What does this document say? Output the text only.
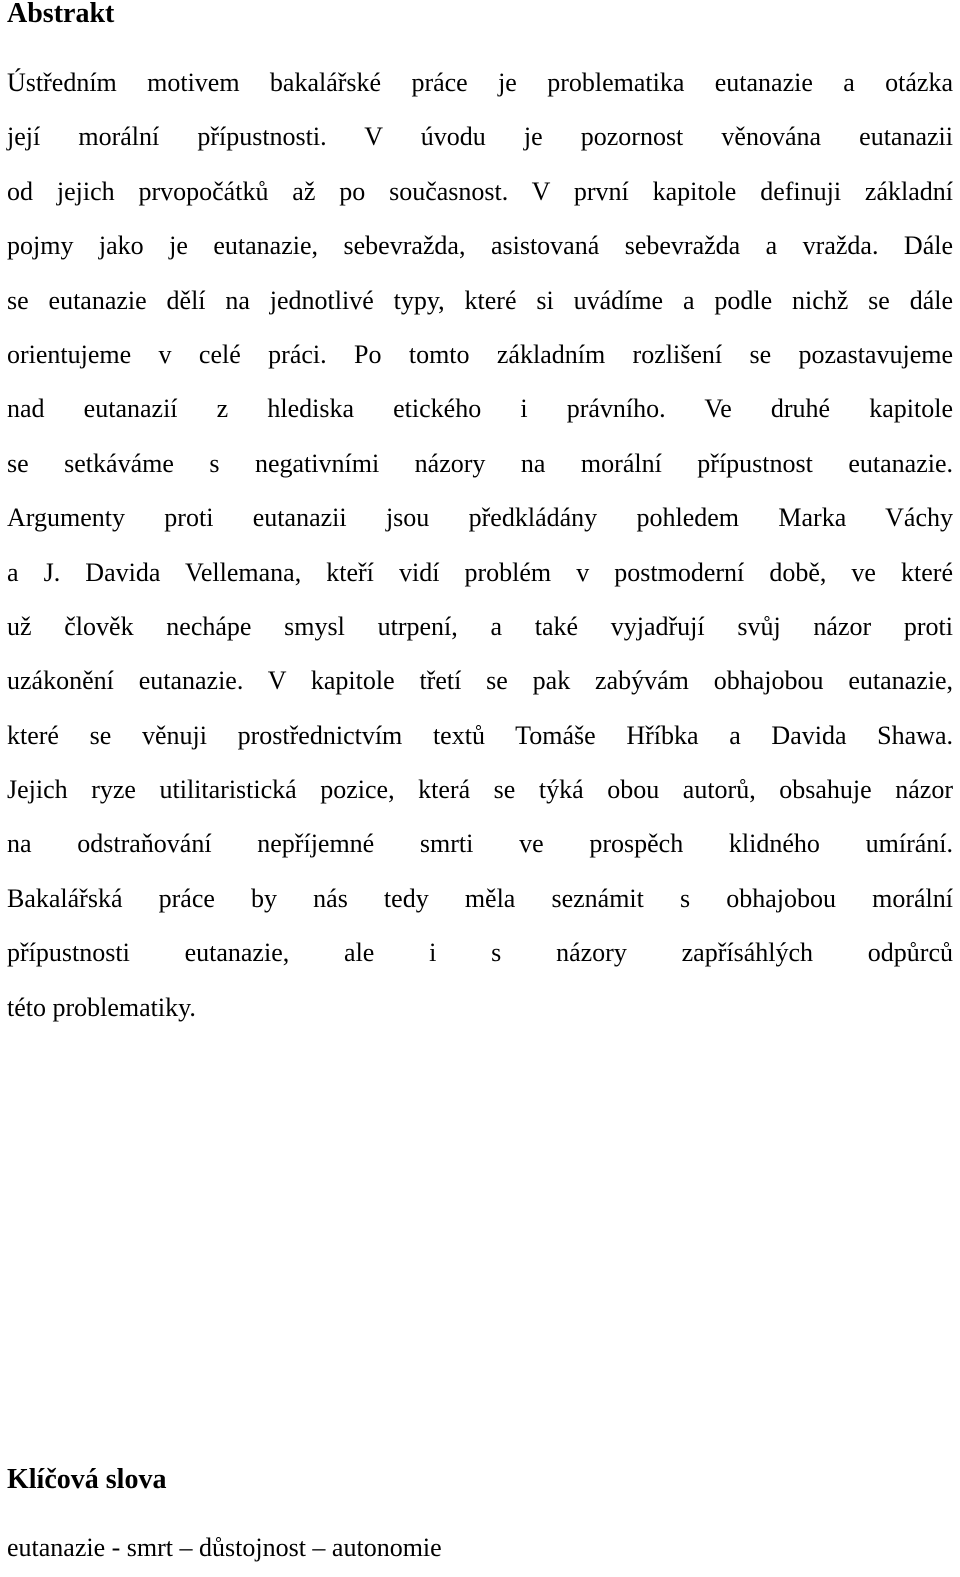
Abstrakt
Ústředním motivem bakalářské práce je problematika eutanazie a otázka
její morální přípustnosti. V úvodu je pozornost věnována eutanazii
od jejich prvopočátků až po současnost. V první kapitole definuji základní
pojmy jako je eutanazie, sebevražda, asistovaná sebevražda a vražda. Dále
se eutanazie dělí na jednotlivé typy, které si uvádíme a podle nichž se dále
orientujeme v celé práci. Po tomto základním rozlišení se pozastavujeme
nad eutanazií z hlediska etického i právního. Ve druhé kapitole
se setkáváme s negativními názory na morální přípustnost eutanazie.
Argumenty proti eutanazii jsou předkládány pohledem Marka Váchy
a J. Davida Vellemana, kteří vidí problém v postmoderní době, ve které
už člověk nechápe smysl utrpení, a také vyjadřují svůj názor proti
uzákonění eutanazie. V kapitole třetí se pak zabývám obhajobou eutanazie,
které se věnuji prostřednictvím textů Tomáše Hříbka a Davida Shawa.
Jejich ryze utilitaristická pozice, která se týká obou autorů, obsahuje názor
na odstraňování nepříjemné smrti ve prospěch klidného umírání.
Bakalářská práce by nás tedy měla seznámit s obhajobou morální
přípustnosti eutanazie, ale i s názory zapřísáhlých odpůrců
této problematiky.
Klíčová slova
eutanazie - smrt – důstojnost – autonomie
